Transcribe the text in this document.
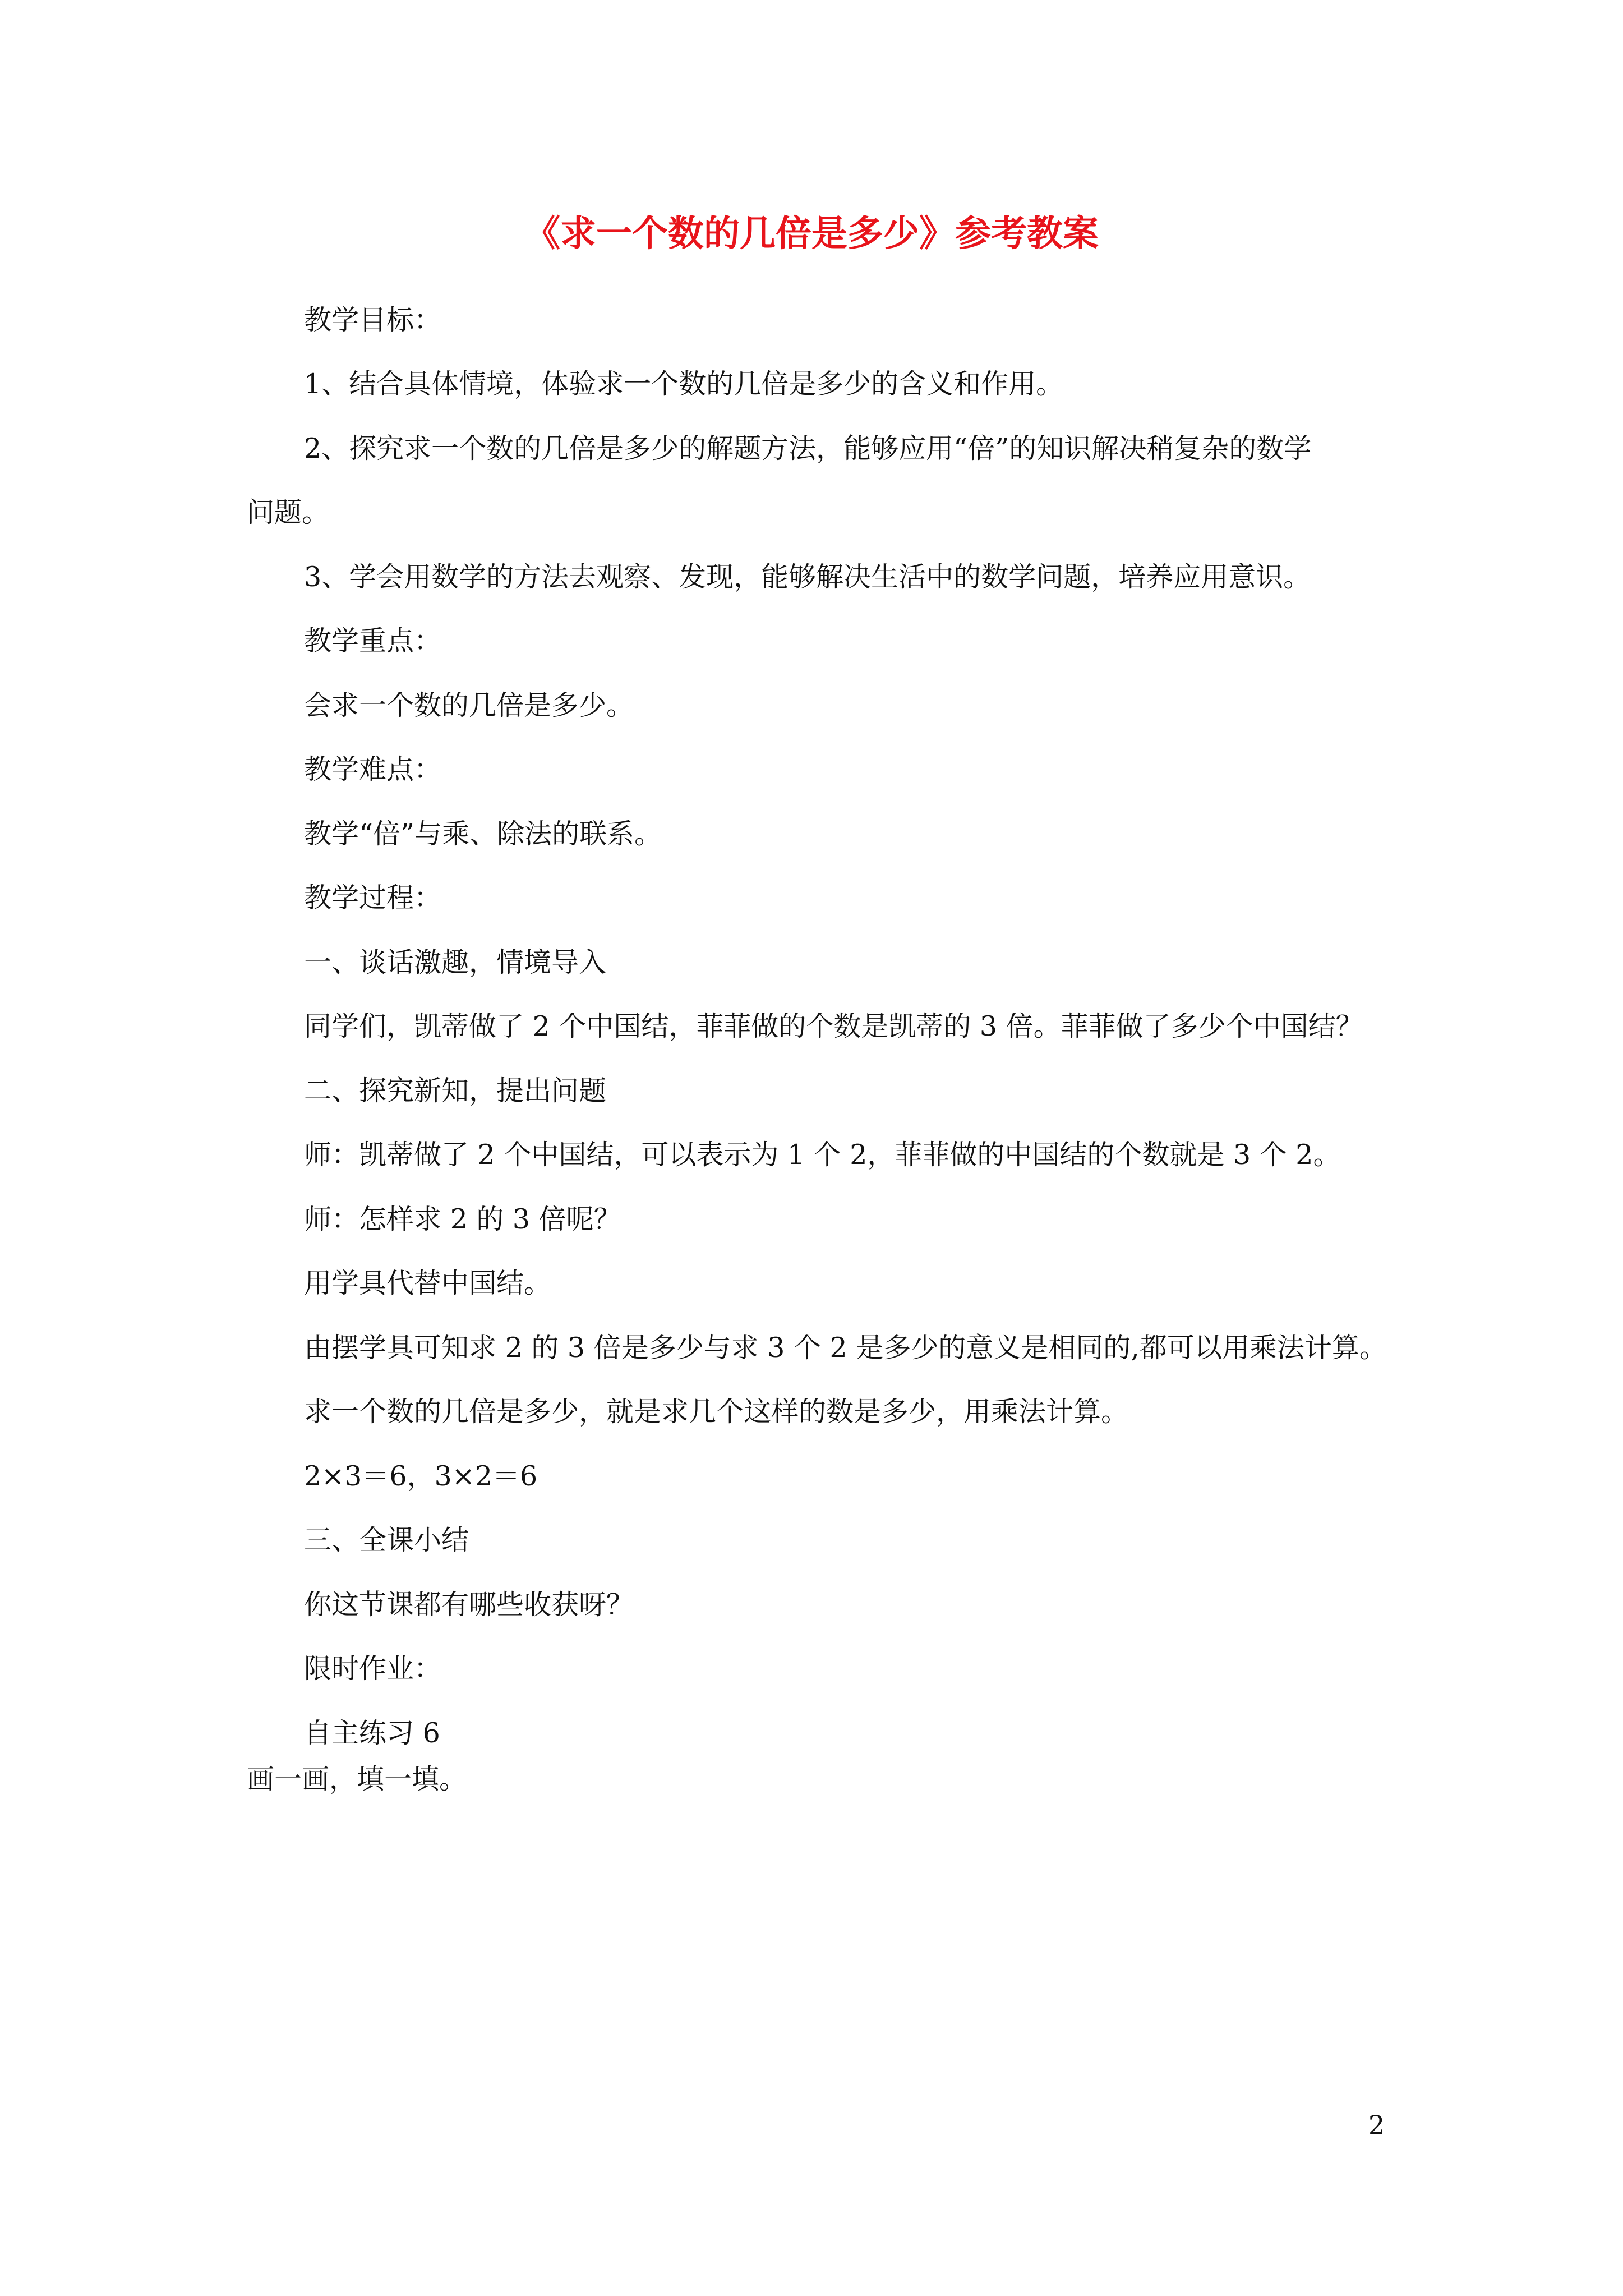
《求一个数的几倍是多少》参考教案

教学目标：

1、结合具体情境，体验求一个数的几倍是多少的含义和作用。

2、探究求一个数的几倍是多少的解题方法，能够应用“倍”的知识解决稍复杂的数学

问题。

3、学会用数学的方法去观察、发现，能够解决生活中的数学问题，培养应用意识。

教学重点：

会求一个数的几倍是多少。

教学难点：

教学“倍”与乘、除法的联系。

教学过程：

一、谈话激趣，情境导入

同学们，凯蒂做了 2 个中国结，菲菲做的个数是凯蒂的 3 倍。菲菲做了多少个中国结？

二、探究新知，提出问题

师：凯蒂做了 2 个中国结，可以表示为 1 个 2，菲菲做的中国结的个数就是 3 个 2。

师：怎样求 2 的 3 倍呢？

用学具代替中国结。

由摆学具可知求 2 的 3 倍是多少与求 3 个 2 是多少的意义是相同的,都可以用乘法计算。

求一个数的几倍是多少，就是求几个这样的数是多少，用乘法计算。

2×3＝6，3×2＝6

三、全课小结

你这节课都有哪些收获呀？

限时作业：

自主练习 6

画一画，填一填。

2
